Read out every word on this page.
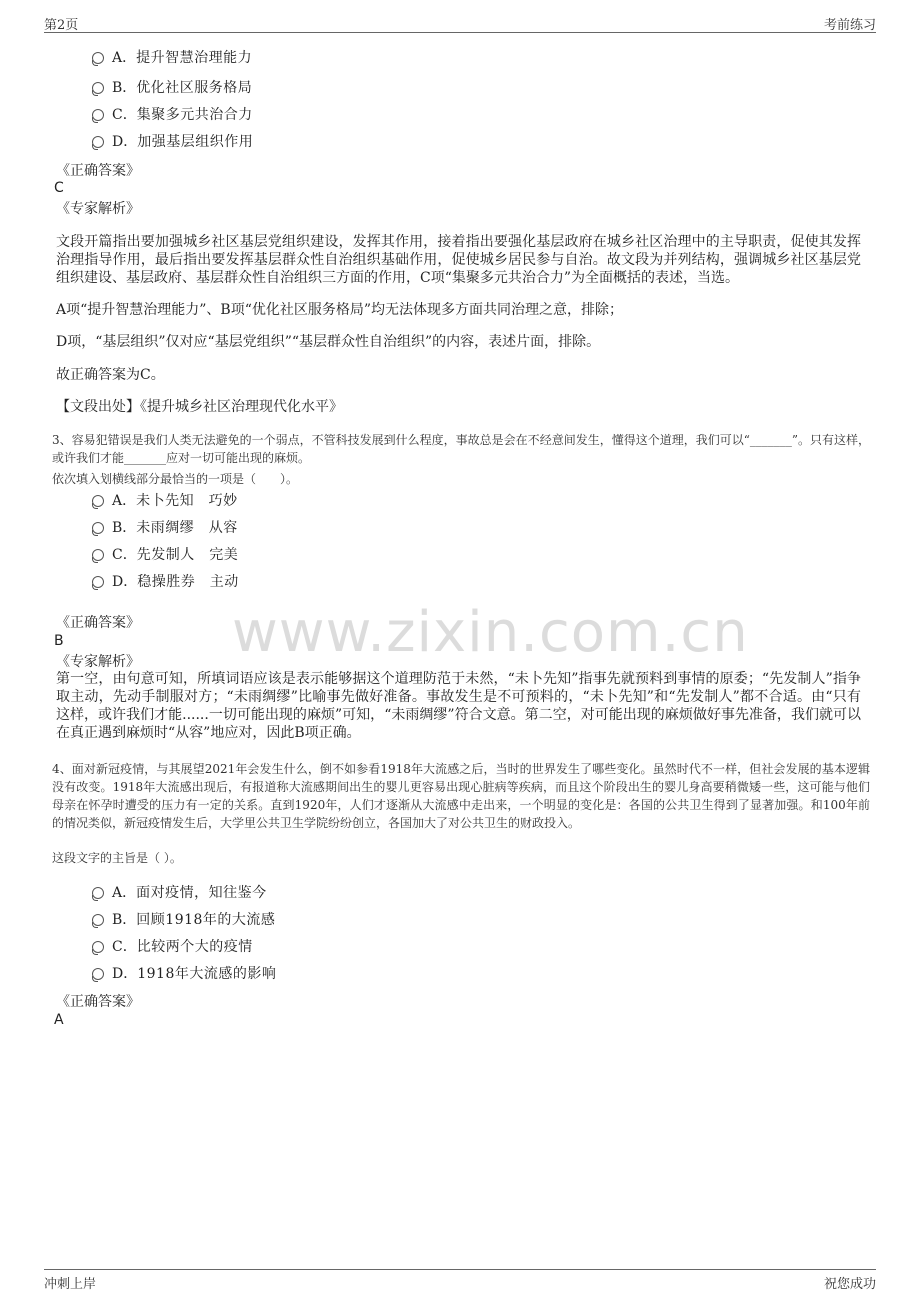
第2页	考前练习
www.zixin.com.cn
A．提升智慧治理能力
B．优化社区服务格局
C．集聚多元共治合力
D．加强基层组织作用
《正确答案》
C
《专家解析》
文段开篇指出要加强城乡社区基层党组织建设，发挥其作用，接着指出要强化基层政府在城乡社区治理中的主导职责，促使其发挥治理指导作用，最后指出要发挥基层群众性自治组织基础作用，促使城乡居民参与自治。故文段为并列结构，强调城乡社区基层党组织建设、基层政府、基层群众性自治组织三方面的作用，C项“集聚多元共治合力”为全面概括的表述，当选。
A项“提升智慧治理能力”、B项“优化社区服务格局”均无法体现多方面共同治理之意，排除；
D项，“基层组织”仅对应“基层党组织”“基层群众性自治组织”的内容，表述片面，排除。
故正确答案为C。
【文段出处】《提升城乡社区治理现代化水平》
3、容易犯错误是我们人类无法避免的一个弱点，不管科技发展到什么程度，事故总是会在不经意间发生，懂得这个道理，我们可以“_______”。只有这样，或许我们才能_______应对一切可能出现的麻烦。
依次填入划横线部分最恰当的一项是（　　）。
A．未卜先知　巧妙
B．未雨绸缪　从容
C．先发制人　完美
D．稳操胜券　主动
《正确答案》
B
《专家解析》
第一空，由句意可知，所填词语应该是表示能够据这个道理防范于未然，“未卜先知”指事先就预料到事情的原委；“先发制人”指争取主动，先动手制服对方；“未雨绸缪”比喻事先做好准备。事故发生是不可预料的，“未卜先知”和“先发制人”都不合适。由“只有这样，或许我们才能......一切可能出现的麻烦”可知，“未雨绸缪”符合文意。第二空，对可能出现的麻烦做好事先准备，我们就可以在真正遇到麻烦时“从容”地应对，因此B项正确。
4、面对新冠疫情，与其展望2021年会发生什么，倒不如参看1918年大流感之后，当时的世界发生了哪些变化。虽然时代不一样，但社会发展的基本逻辑没有改变。1918年大流感出现后，有报道称大流感期间出生的婴儿更容易出现心脏病等疾病，而且这个阶段出生的婴儿身高要稍微矮一些，这可能与他们母亲在怀孕时遭受的压力有一定的关系。直到1920年，人们才逐渐从大流感中走出来，一个明显的变化是：各国的公共卫生得到了显著加强。和100年前的情况类似，新冠疫情发生后，大学里公共卫生学院纷纷创立，各国加大了对公共卫生的财政投入。
这段文字的主旨是（ ）。
A．面对疫情，知往鉴今
B．回顾1918年的大流感
C．比较两个大的疫情
D．1918年大流感的影响
《正确答案》
A
冲刺上岸	祝您成功
